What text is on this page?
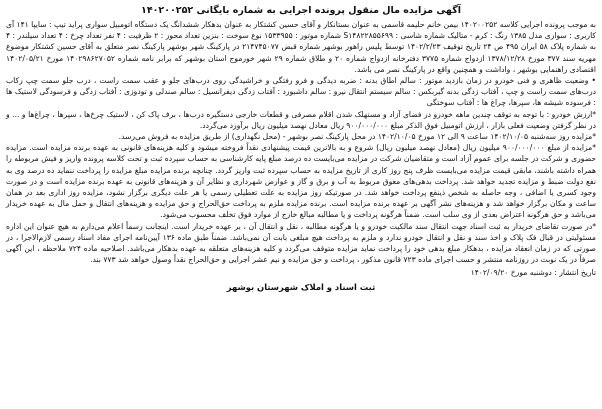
آگهی مزایده مال منقول پرونده اجرایی به شماره بایگانی ۱۴۰۲۰۰۲۵۲

به موجب پرونده اجرایی کلاسه ۱۴۰۲۰۰۲۵۲ بیمن خانم حلیمه قاسمی به عنوان بستانکار و آقای حسین کشتکار به عنوان بدهکار ششدانگ یک دستگاه اتومبیل سواری پراید تیپ : سایپا ۱۴۱ آی کاربری : سواری مدل ۱۳۸۵ رنگ : کرم - متالیک شماره شاسی : S۱۴۸۲۲۸۵۵۶۹۹ شماره موتور : ۱۵۳۳۹۵۵ نوع سوخت : بنزین تعداد محور : ۲ ظرفیت : ۴ نفر تعداد چرخ : ۴ تعداد سیلندر : ۴ به شماره پلاک ۵۸ ایران ۴۹۵ ص ۲۴ تاریخ توقیف ۱۴۰۲/۲/۲۳ توسط پلیس راهور بوشهر شماره قبض ۲۱۴۷۴۵۰۷۷ در پارکینگ شهر بوشهر پارکینگ نصر متعلق به آقای حسین کشتکار موضوع مهریه سند ۳۷۷ مورخ ۱۳۷۸/۱۲/۲۸ ازدواج شماره ۳۷۷۵ دفترخانه ازدواج شماره ۲۰ و طلاق شماره ۲۹ شهر خورموج استان بوشهر که برابر نامه شماره ۱۴۰۲۹۸۶۲۷۰۵۲ مورخ ۱۴۰۲/۰۵/۲۱ اقتصادی راهنمایی بوشهر ، واداشت و همچنین واقع در پارکینگ نصر می باشد.

• وضعیت ظاهری و فنی خودرو در زمان بازدید موتور : سالم اطاق بدنه : ضربه دیدگی و فرو رفتگی و خراشیدگی روی درب‌های جلو و عقب سمت راست ، درب جلو سمت چپ رکاب درب‌های سمت راست و چپ ، آفتاب زدگی بدنه گیربکس : سالم سیستم انتقال نیرو : سالم داشبورد : آفتاب زدگی دیفرانسیل : سالم صندلی و تودوزی : آفتاب زدگی و فرسودگی لاستیک ها : فرسوده شیشه ها، سپرها، چراغ ها : آفتاب سوختگی

*ارزش خودرو : با توجه به توقف چندین ماهه خودرو در فضای آزاد و مستهلک شدن اقلام مصرفی و قطعات خارجی دستگیره درب‌ها ، برف پاک کن ، لاستیک چرخ‌ها ، سپرها ، چراغ‌ها و ... و در نظر گرفتن وضعیت فعلی بازار ، ارزش اتومبیل فوق الذکر مبلغ ۹۰۰/۰۰۰/۰۰۰ ریال معادل نهصد میلیون ریال برآورد می‌گردد.

*مزایده روز سه‌شنبه ۱۴۰۲/۱۰/۰۵ ساعت ۹ الی ۱۲ مورخ ۱۴۰۲/۱۰/۰۵ در محل پارکینگ نصر بوشهر - (محل نگهداری) از طریق مزایده به فروش می‌رسد.

*مزایده از مبلغ ۹۰۰/۰۰۰/۰۰۰ میلیون ریال (معادل نهصد میلیون ریال) شروع و به بالاترین قیمت پیشنهادی نقداً فروخته میشود و کلیه هزینه‌های قانونی به عهده برنده مزایده است. مزایده حضوری و شرکت در جلسه برای عموم آزاد است و متقاضیان شرکت در مزایده می‌بایست ده درصد مبلغ پایه کارشناسی به حساب سپرده ثبت و تحت کلاسه پرونده واریز و فیش مربوطه را همراه داشته باشند، مابقی قیمت مزایده می‌بایست ظرف پنج روز کاری از تاریخ مزایده به حساب سپرده ثبت واریز گردد. چنانچه برنده مزایده مبلغ مزایده را پرداخت ننماید ده درصد وی به نفع دولت ضبط و مزایده تجدید خواهد شد. پرداخت بدهی‌های معوق مربوط به آب و برق و گاز و عوارض شهرداری و نظایر آن و هزینه‌های قانونی به عهده برنده مزایده است و در صورت وجود کسری یا اضافی ، وجه حاصله به شخص ذینفع پرداخت خواهد شد. در صورتیکه روز مزایده به علت تعطیلی رسمی یا هر علت دیگری برگزار نشود، مزایده روز اداری بعد در همان ساعت و مکان برگزار خواهد شد و هزینه‌های نشر آگهی بر عهده برنده مزایده است. برنده مزایده ملزم به پرداخت حق‌الحراج و حق مزایده و هزینه‌های انتقال و حمل مال به عهده خریدار می‌باشد و حق هرگونه اعتراض بعدی از وی سلب است. ضمناً هرگونه پرداخت و یا مطالبه مبالغ خارج از موارد فوق تخلف محسوب می‌شود.

*در صورت تقاضای خریدار به ثبت اسناد جهت انتقال سند مالکیت خودرو و یا هرگونه مطالبه ، نقل و انتقال آن ، بر عهده خریدار است. اینجانب رسماً اعلام می‌دارم به هیچ عنوان این اداره مسئولیتی در قبال فک پلاک و اخذ سند و نقل و انتقال خودرو ندارد و ملزم به پرداخت هیچ مبلغی بابت آن نمی‌باشد. ضمناً طبق ماده ۱۳۶ آیین‌نامه اجرای مفاد اسناد رسمی لازم‌الاجرا ، در صورتی که در زمان انعقاد مزایده ، بدهکار مبلغ بدهی خود را پرداخت نماید مزایده متوقف می‌گردد و کلیه هزینه‌های متعلقه به عهده بدهکار می‌باشد. اصلاحیه ماده ۷۲۴ ملاحظه ، این آگهی صرفاً در یک نوبت در روزنامه منتشر و حسب اجرای ماده ۷۲۳ قانون مذکور ، پرداخت و حق مزایده و نیم عشر اجرایی و حق‌الحراج نقداً وصول خواهد شد ۷۷۳ بند.

تاریخ انتشار : دوشنبه مورخ ۱۴۰۲/۰۹/۲۰
ثبت اسناد و املاک شهرستان بوشهر
